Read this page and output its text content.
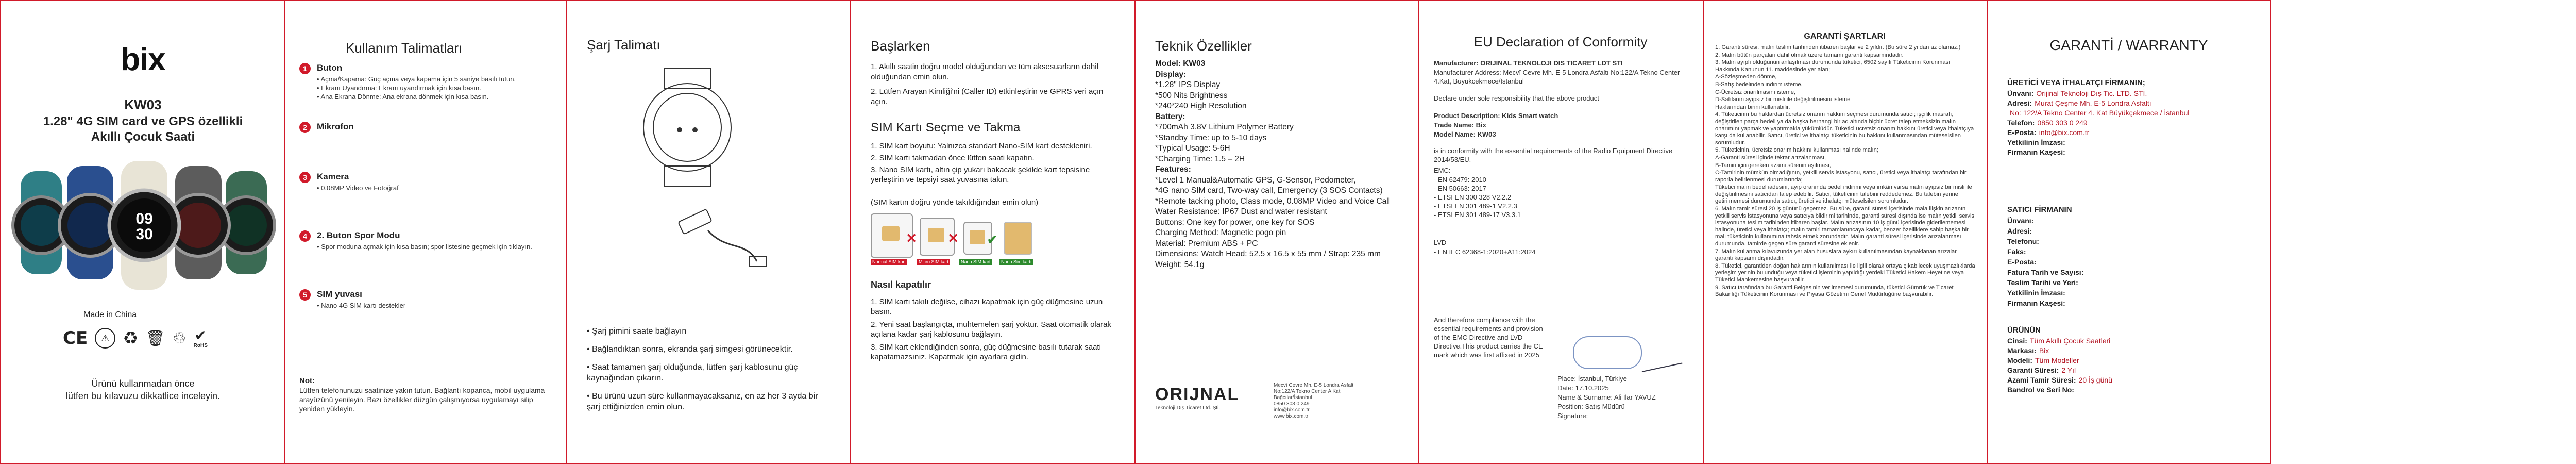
bix
KW03
1.28" 4G SIM card ve GPS özellikli
Akıllı Çocuk Saati
09
30
Made in China
CE	⚠ ♻ 🗑 ♲ ✔
RoHS
Ürünü kullanmadan önce
lütfen bu kılavuzu dikkatlice inceleyin.
Kullanım Talimatları
1	Buton
• Açma/Kapama: Güç açma veya kapama için 5 saniye basılı tutun.
• Ekranı Uyandırma: Ekranı uyandırmak için kısa basın.
• Ana Ekrana Dönme: Ana ekrana dönmek için kısa basın.
2	Mikrofon
3	Kamera
• 0.08MP Video ve Fotoğraf
4	2. Buton Spor Modu
• Spor moduna açmak için kısa basın; spor listesine geçmek için tıklayın.
5	SIM yuvası
• Nano 4G SIM kartı destekler
Not:
Lütfen telefonunuzu saatinize yakın tutun. Bağlantı kopanca, mobil uygulama arayüzünü yenileyin. Bazı özellikler düzgün çalışmıyorsa uygulamayı silip yeniden yükleyin.
Şarj Talimatı
• Şarj pimini saate bağlayın
• Bağlandıktan sonra, ekranda şarj simgesi görünecektir.
• Saat tamamen şarj olduğunda, lütfen şarj kablosunu güç kaynağından çıkarın.
• Bu ürünü uzun süre kullanmayacaksanız, en az her 3 ayda bir şarj ettiğinizden emin olun.
Başlarken
1. Akıllı saatin doğru model olduğundan ve tüm aksesuarların dahil olduğundan emin olun.
2. Lütfen Arayan Kimliği'ni (Caller ID) etkinleştirin ve GPRS veri açın açın.
SIM Kartı Seçme ve Takma
1. SIM kart boyutu: Yalnızca standart Nano-SIM kart destekleniri.
2. SIM kartı takmadan önce lütfen saati kapatın.
3. Nano SIM kartı, altın çip yukarı bakacak şekilde kart tepsisine yerleştirin ve tepsiyi saat yuvasına takın.
(SIM kartın doğru yönde takıldığından emin olun)
✕ ✕ ✔
Normal SIM kart	Micro SIM kart	Nano SIM kart	Nano Sim kartı
Nasıl kapatılır
1. SIM kartı takılı değilse, cihazı kapatmak için güç düğmesine uzun basın.
2. Yeni saat başlangıçta, muhtemelen şarj yoktur. Saat otomatik olarak açılana kadar şarj kablosunu bağlayın.
3. SIM kart eklendiğinden sonra, güç düğmesine basılı tutarak saati kapatamazsınız. Kapatmak için ayarlara gidin.
Teknik Özellikler
Model: KW03
Display:
*1.28" IPS Display
*500 Nits Brightness
*240*240 High Resolution
Battery:
*700mAh 3.8V Lithium Polymer Battery
*Standby Time: up to 5-10 days
*Typical Usage: 5-6H
*Charging Time: 1.5 – 2H
Features:
*Level 1 Manual&Automatic GPS, G-Sensor, Pedometer,
*4G nano SIM card, Two-way call, Emergency (3 SOS Contacts)
*Remote tacking photo, Class mode, 0.08MP Video and Voice Call
Water Resistance: IP67 Dust and water resistant
Buttons: One key for power, one key for SOS
Charging Method: Magnetic pogo pin
Material: Premium ABS + PC
Dimensions: Watch Head: 52.5 x 16.5 x 55 mm / Strap: 235 mm
Weight: 54.1g
ORIJNAL
Teknoloji Dış Ticaret Ltd. Şti.
Mecvî Cevre Mh. E-5 Londra Asfaltı
No:122/A Tekno Center A Kat
Bağcılar/İstanbul
0850 303 0 249
info@bix.com.tr
www.bix.com.tr
EU Declaration of Conformity
Manufacturer: ORIJINAL TEKNOLOJI DIS TICARET LDT STI
Manufacturer Address: Mecvî Cevre Mh. E-5 Londra Asfaltı No:122/A Tekno Center 4.Kat, Buyukcekmece/Istanbul
Declare under sole responsibility that the above product
Product Description: Kids Smart watch
Trade Name: Bix
Model Name: KW03
is in conformity with the essential requirements of the Radio Equipment Directive 2014/53/EU.
EMC:
- EN 62479: 2010
- EN 50663: 2017
- ETSI EN 300 328 V2.2.2
- ETSI EN 301 489-1 V2.2.3
- ETSI EN 301 489-17 V3.3.1
LVD
- EN IEC 62368-1:2020+A11:2024
And therefore compliance with the essential requirements and provision of the EMC Directive and LVD Directive.This product carries the CE mark which was first affixed in 2025
Place: İstanbul, Türkiye
Date: 17.10.2025
Name & Surname: Ali İlar YAVUZ
Position: Satış Müdürü
Signature:
GARANTİ ŞARTLARI
1. Garanti süresi, malın teslim tarihinden itibaren başlar ve 2 yıldır. (Bu süre 2 yıldan az olamaz.)
2. Malın bütün parçaları dahil olmak üzere tamamı garanti kapsamındadır.
3. Malın ayıplı olduğunun anlaşılması durumunda tüketici, 6502 sayılı Tüketicinin Korunması Hakkında Kanunun 11. maddesinde yer alan;
A-Sözleşmeden dönme,
B-Satış bedelinden indirim isteme,
C-Ücretsiz onarılmasını isteme,
D-Satılanın ayıpsız bir misli ile değiştirilmesini isteme
Haklarından birini kullanabilir.
4. Tüketicinin bu haklardan ücretsiz onarım hakkını seçmesi durumunda satıcı; işçilik masrafı, değiştirilen parça bedeli ya da başka herhangi bir ad altında hiçbir ücret talep etmeksizin malın onarımını yapmak ve yaptırmakla yükümlüdür. Tüketici ücretsiz onarım hakkını üretici veya ithalatçıya karşı da kullanabilir. Satıcı, üretici ve ithalatçı tüketicinin bu hakkını kullanmasından müteselsilen sorumludur.
5. Tüketicinin, ücretsiz onarım hakkını kullanması halinde malın;
A-Garanti süresi içinde tekrar arızalanması,
B-Tamiri için gereken azami sürenin aşılması,
C-Tamirinin mümkün olmadığının, yetkili servis istasyonu, satıcı, üretici veya ithalatçı tarafından bir raporla belirlenmesi durumlarında;
Tüketici malın bedel iadesini, ayıp oranında bedel indirimi veya imkân varsa malın ayıpsız bir misli ile değiştirilmesini satıcıdan talep edebilir. Satıcı, tüketicinin talebini reddedemez. Bu talebin yerine getirilmemesi durumunda satıcı, üretici ve ithalatçı müteselsilen sorumludur.
6. Malın tamir süresi 20 iş gününü geçemez. Bu süre, garanti süresi içerisinde mala ilişkin arızanın yetkili servis istasyonuna veya satıcıya bildirimi tarihinde, garanti süresi dışında ise malın yetkili servis istasyonuna teslim tarihinden itibaren başlar. Malın arızasının 10 iş günü içerisinde giderilememesi halinde, üretici veya ithalatçı; malın tamiri tamamlanıncaya kadar, benzer özelliklere sahip başka bir malı tüketicinin kullanımına tahsis etmek zorundadır. Malın garanti süresi içerisinde arızalanması durumunda, tamirde geçen süre garanti süresine eklenir.
7. Malın kullanma kılavuzunda yer alan hususlara aykırı kullanılmasından kaynaklanan arızalar garanti kapsamı dışındadır.
8. Tüketici, garantiden doğan haklarının kullanılması ile ilgili olarak ortaya çıkabilecek uyuşmazlıklarda yerleşim yerinin bulunduğu veya tüketici işleminin yapıldığı yerdeki Tüketici Hakem Heyetine veya Tüketici Mahkemesine başvurabilir.
9. Satıcı tarafından bu Garanti Belgesinin verilmemesi durumunda, tüketici Gümrük ve Ticaret Bakanlığı Tüketicinin Korunması ve Piyasa Gözetimi Genel Müdürlüğüne başvurabilir.
GARANTİ / WARRANTY
ÜRETİCİ VEYA İTHALATÇI FİRMANIN;
Ünvanı: Orijinal Teknoloji Dış Tic. LTD. STİ.
Adresi: Murat Çeşme Mh. E-5 Londra Asfaltı
No: 122/A Tekno Center 4. Kat Büyükçekmece / İstanbul
Telefon: 0850 303 0 249
E-Posta: info@bix.com.tr
Yetkilinin İmzası:
Firmanın Kaşesi:
SATICI FİRMANIN
Ünvanı:
Adresi:
Telefonu:
Faks:
E-Posta:
Fatura Tarih ve Sayısı:
Teslim Tarihi ve Yeri:
Yetkilinin İmzası:
Firmanın Kaşesi:
ÜRÜNÜN
Cinsi: Tüm Akıllı Çocuk Saatleri
Markası: Bix
Modeli: Tüm Modeller
Garanti Süresi: 2 Yıl
Azami Tamir Süresi: 20 İş günü
Bandrol ve Seri No:
